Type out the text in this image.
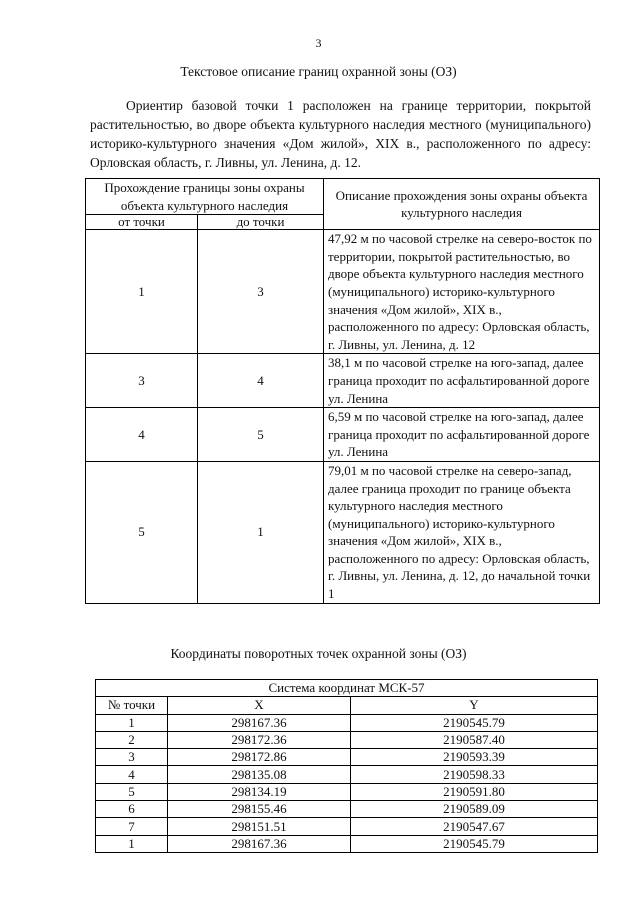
3
Текстовое описание границ охранной зоны (ОЗ)

Ориентир базовой точки 1 расположен на границе территории, покрытой растительностью, во дворе объекта культурного наследия местного (муниципального) историко-культурного значения «Дом жилой», XIX в., расположенного по адресу: Орловская область, г. Ливны, ул. Ленина, д. 12.

Прохождение границы зоны охраны объекта культурного наследия		Описание прохождения зоны охраны объекта культурного наследия
от точки	до точки	
1	3	47,92 м по часовой стрелке на северо-восток по территории, покрытой растительностью, во дворе объекта культурного наследия местного (муниципального) историко-культурного значения «Дом жилой», XIX в., расположенного по адресу: Орловская область, г. Ливны, ул. Ленина, д. 12
3	4	38,1 м по часовой стрелке на юго-запад, далее граница проходит по асфальтированной дороге ул. Ленина
4	5	6,59 м по часовой стрелке на юго-запад, далее граница проходит по асфальтированной дороге ул. Ленина
5	1	79,01 м по часовой стрелке на северо-запад, далее граница проходит по границе объекта культурного наследия местного (муниципального) историко-культурного значения «Дом жилой», XIX в., расположенного по адресу: Орловская область, г. Ливны, ул. Ленина, д. 12, до начальной точки 1
Координаты поворотных точек охранной зоны (ОЗ)
Система координат МСК-57		
№ точки	X	Y
1	298167.36	2190545.79
2	298172.36	2190587.40
3	298172.86	2190593.39
4	298135.08	2190598.33
5	298134.19	2190591.80
6	298155.46	2190589.09
7	298151.51	2190547.67
1	298167.36	2190545.79
